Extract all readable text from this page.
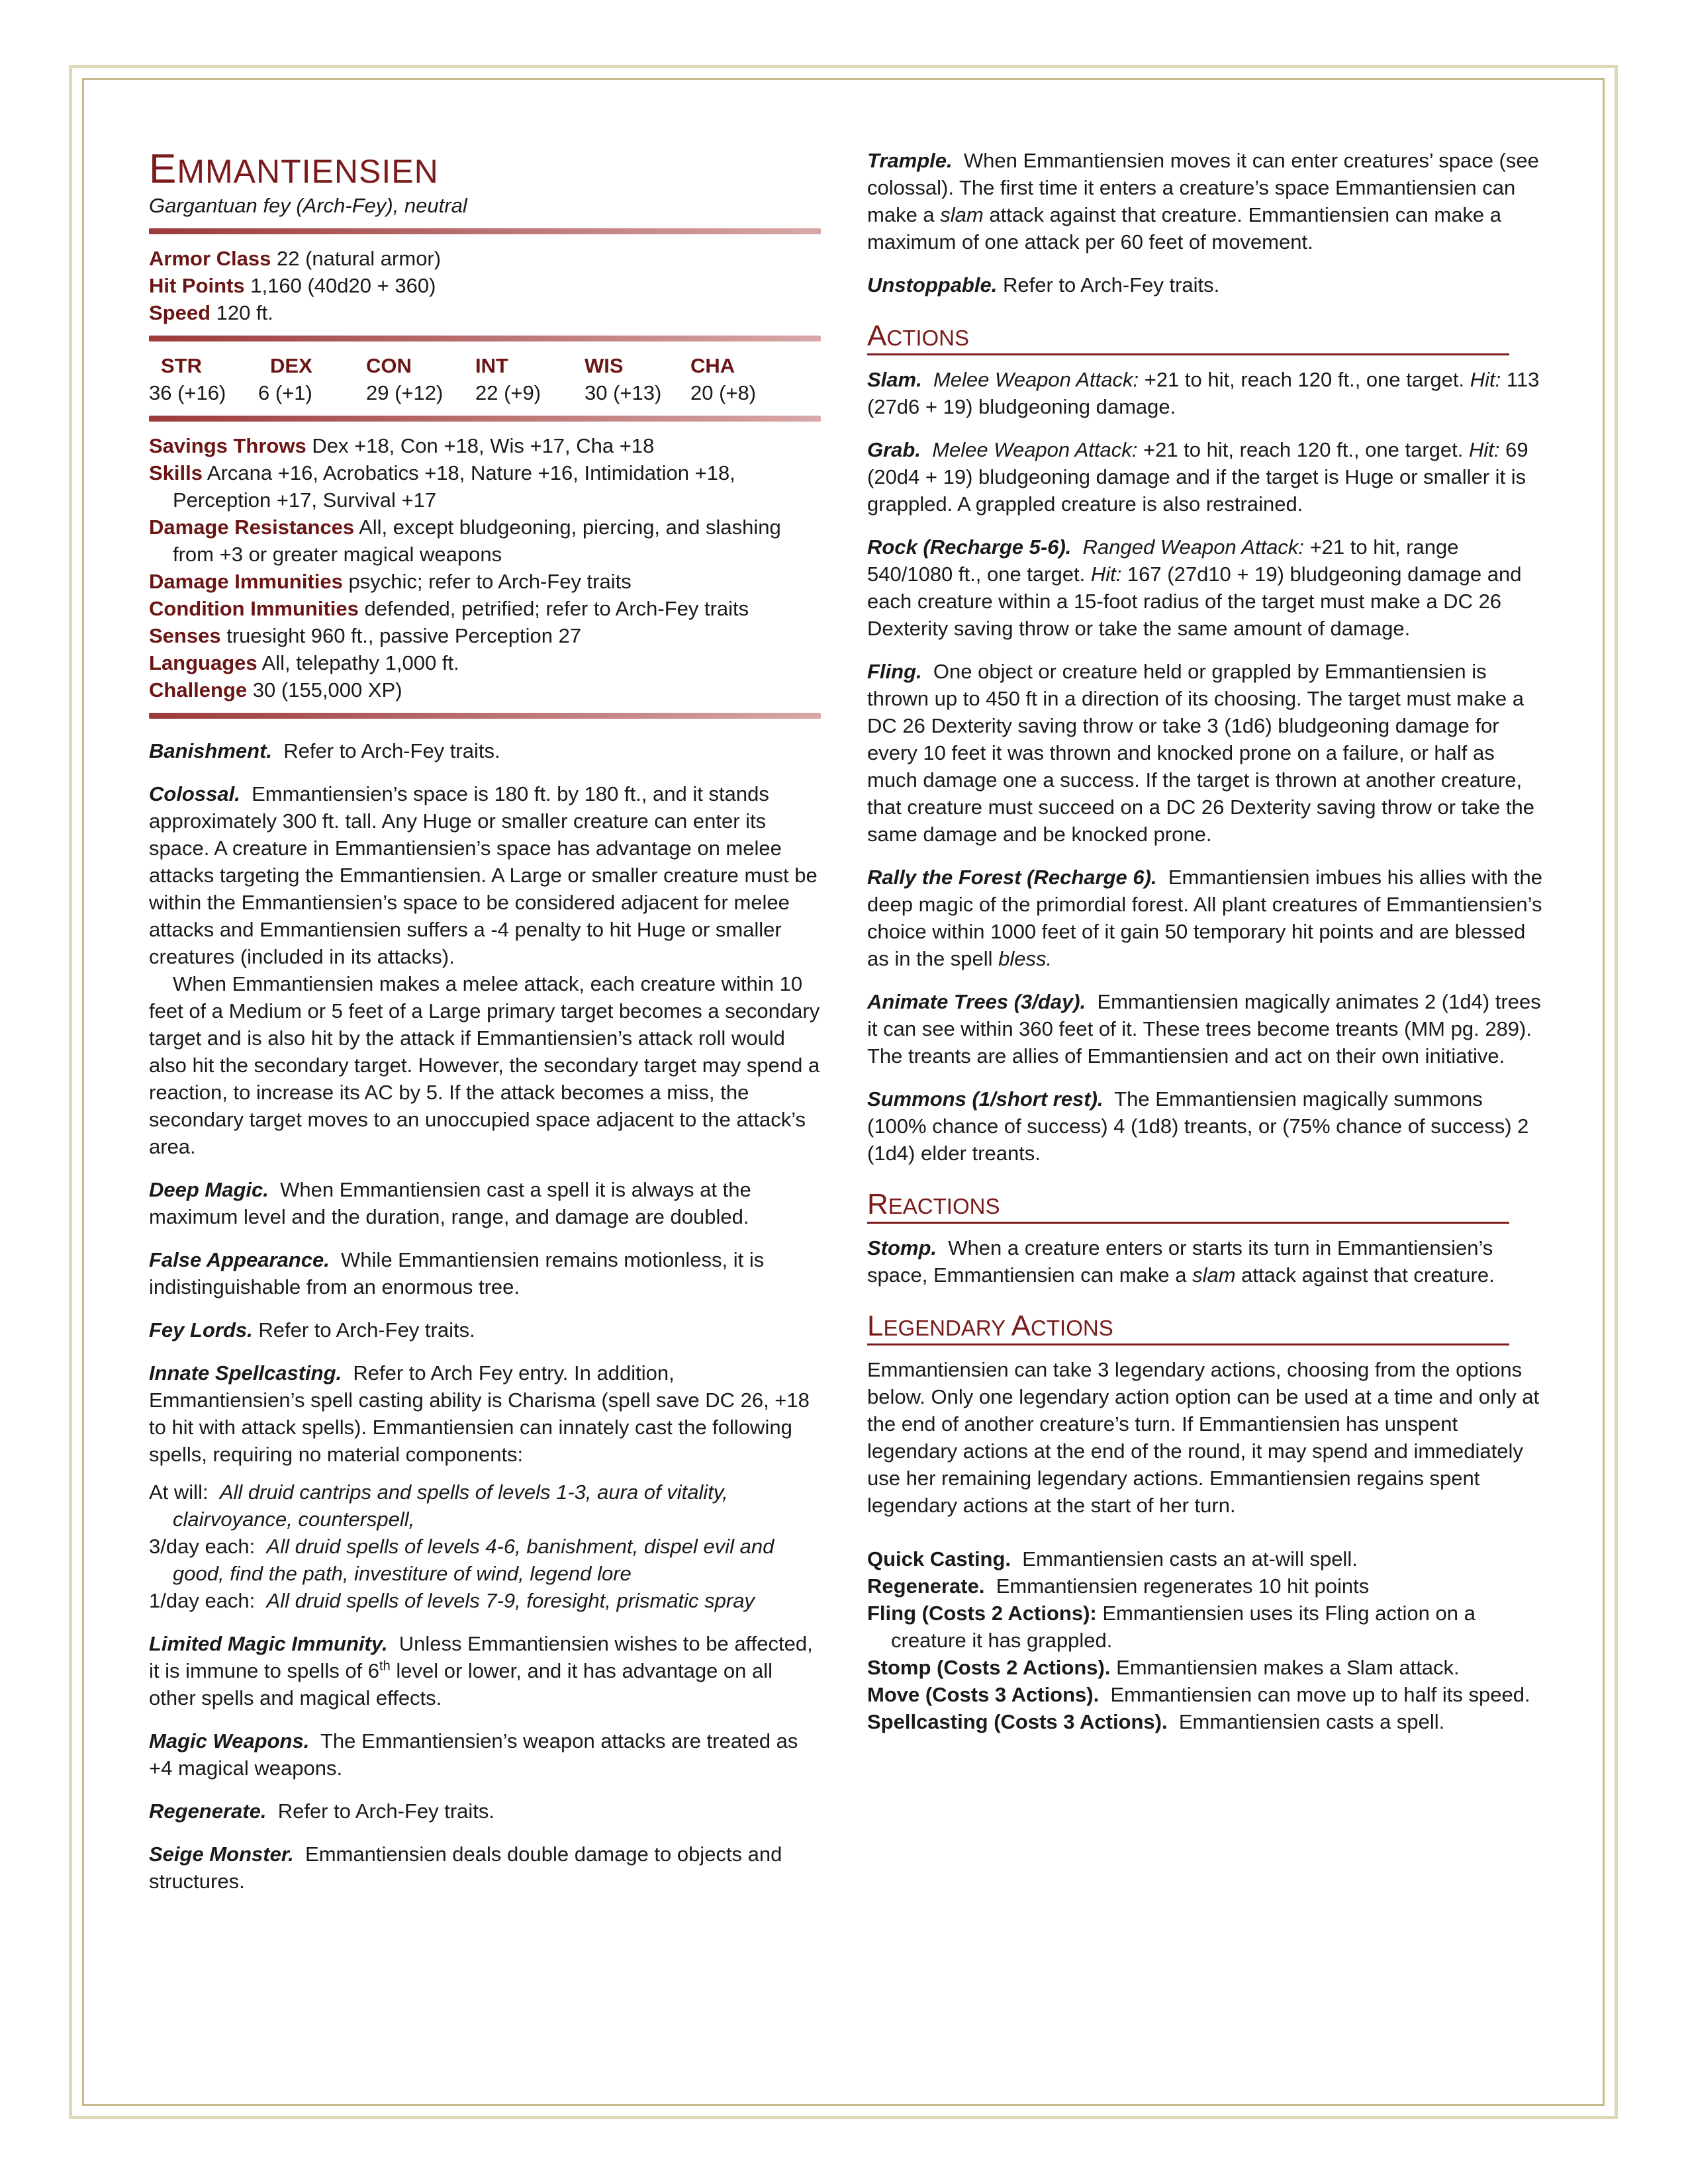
EMMANTIENSIEN

Gargantuan fey (Arch-Fey), neutral

Armor Class 22 (natural armor)

Hit Points 1,160 (40d20 + 360)

Speed 120 ft.

STR	DEX	CON	INT	WIS	CHA
36 (+16)	6 (+1)	29 (+12)	22 (+9)	30 (+13)	20 (+8)

Savings Throws Dex +18, Con +18, Wis +17, Cha +18

Skills Arcana +16, Acrobatics +18, Nature +16, Intimidation +18, Perception +17, Survival +17

Damage Resistances All, except bludgeoning, piercing, and slashing from +3 or greater magical weapons

Damage Immunities psychic; refer to Arch-Fey traits

Condition Immunities defended, petrified; refer to Arch-Fey traits

Senses truesight 960 ft., passive Perception 27

Languages All, telepathy 1,000 ft.

Challenge 30 (155,000 XP)

Banishment. Refer to Arch-Fey traits.

Colossal. Emmantiensien’s space is 180 ft. by 180 ft., and it stands approximately 300 ft. tall. Any Huge or smaller creature can enter its space. A creature in Emmantiensien’s space has advantage on melee attacks targeting the Emmantiensien. A Large or smaller creature must be within the Emmantiensien’s space to be considered adjacent for melee attacks and Emmantiensien suffers a -4 penalty to hit Huge or smaller creatures (included in its attacks).

When Emmantiensien makes a melee attack, each creature within 10 feet of a Medium or 5 feet of a Large primary target becomes a secondary target and is also hit by the attack if Emmantiensien’s attack roll would also hit the secondary target. However, the secondary target may spend a reaction, to increase its AC by 5. If the attack becomes a miss, the secondary target moves to an unoccupied space adjacent to the attack’s area.

Deep Magic. When Emmantiensien cast a spell it is always at the maximum level and the duration, range, and damage are doubled.

False Appearance. While Emmantiensien remains motionless, it is indistinguishable from an enormous tree.

Fey Lords. Refer to Arch-Fey traits.

Innate Spellcasting. Refer to Arch Fey entry. In addition, Emmantiensien’s spell casting ability is Charisma (spell save DC 26, +18 to hit with attack spells). Emmantiensien can innately cast the following spells, requiring no material components:

At will: All druid cantrips and spells of levels 1-3, aura of vitality, clairvoyance, counterspell,

3/day each: All druid spells of levels 4-6, banishment, dispel evil and good, find the path, investiture of wind, legend lore

1/day each: All druid spells of levels 7-9, foresight, prismatic spray

Limited Magic Immunity. Unless Emmantiensien wishes to be affected, it is immune to spells of 6th level or lower, and it has advantage on all other spells and magical effects.

Magic Weapons. The Emmantiensien’s weapon attacks are treated as +4 magical weapons.

Regenerate. Refer to Arch-Fey traits.

Seige Monster. Emmantiensien deals double damage to objects and structures.

Trample. When Emmantiensien moves it can enter creatures’ space (see colossal). The first time it enters a creature’s space Emmantiensien can make a slam attack against that creature. Emmantiensien can make a maximum of one attack per 60 feet of movement.

Unstoppable. Refer to Arch-Fey traits.

ACTIONS
Slam. Melee Weapon Attack: +21 to hit, reach 120 ft., one target. Hit: 113 (27d6 + 19) bludgeoning damage.
Grab. Melee Weapon Attack: +21 to hit, reach 120 ft., one target. Hit: 69 (20d4 + 19) bludgeoning damage and if the target is Huge or smaller it is grappled. A grappled creature is also restrained.
Rock (Recharge 5-6). Ranged Weapon Attack: +21 to hit, range 540/1080 ft., one target. Hit: 167 (27d10 + 19) bludgeoning damage and each creature within a 15-foot radius of the target must make a DC 26 Dexterity saving throw or take the same amount of damage.
Fling. One object or creature held or grappled by Emmantiensien is thrown up to 450 ft in a direction of its choosing. The target must make a DC 26 Dexterity saving throw or take 3 (1d6) bludgeoning damage for every 10 feet it was thrown and knocked prone on a failure, or half as much damage one a success. If the target is thrown at another creature, that creature must succeed on a DC 26 Dexterity saving throw or take the same damage and be knocked prone.
Rally the Forest (Recharge 6). Emmantiensien imbues his allies with the deep magic of the primordial forest. All plant creatures of Emmantiensien’s choice within 1000 feet of it gain 50 temporary hit points and are blessed as in the spell bless.
Animate Trees (3/day). Emmantiensien magically animates 2 (1d4) trees it can see within 360 feet of it. These trees become treants (MM pg. 289). The treants are allies of Emmantiensien and act on their own initiative.
Summons (1/short rest). The Emmantiensien magically summons (100% chance of success) 4 (1d8) treants, or (75% chance of success) 2 (1d4) elder treants.
REACTIONS
Stomp. When a creature enters or starts its turn in Emmantiensien’s space, Emmantiensien can make a slam attack against that creature.
LEGENDARY ACTIONS
Emmantiensien can take 3 legendary actions, choosing from the options below. Only one legendary action option can be used at a time and only at the end of another creature’s turn. If Emmantiensien has unspent legendary actions at the end of the round, it may spend and immediately use her remaining legendary actions. Emmantiensien regains spent legendary actions at the start of her turn.

Quick Casting. Emmantiensien casts an at-will spell.

Regenerate. Emmantiensien regenerates 10 hit points

Fling (Costs 2 Actions): Emmantiensien uses its Fling action on a creature it has grappled.

Stomp (Costs 2 Actions). Emmantiensien makes a Slam attack.

Move (Costs 3 Actions). Emmantiensien can move up to half its speed.

Spellcasting (Costs 3 Actions). Emmantiensien casts a spell.
